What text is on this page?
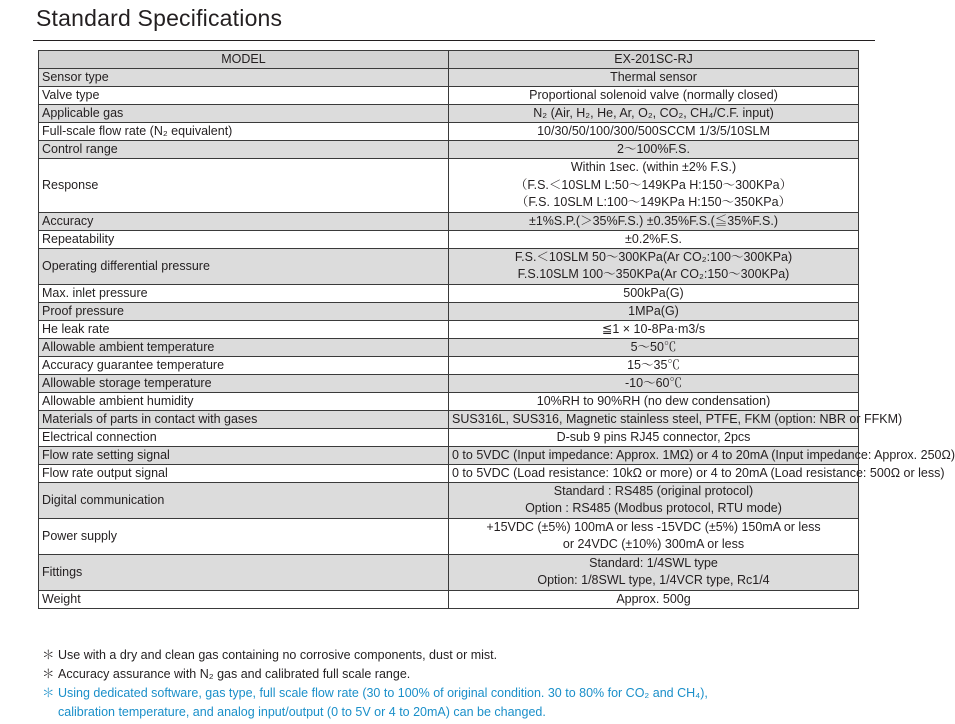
Standard Specifications
MODEL	EX-201SC-RJ
Sensor type	Thermal sensor
Valve type	Proportional solenoid valve (normally closed)
Applicable gas	N₂ (Air, H₂, He, Ar, O₂, CO₂, CH₄/C.F. input)
Full-scale flow rate (N₂ equivalent)	10/30/50/100/300/500SCCM 1/3/5/10SLM
Control range	2～100%F.S.
Response	Within 1sec. (within ±2% F.S.)
（F.S.＜10SLM L:50～149KPa H:150～300KPa）
（F.S. 10SLM L:100～149KPa H:150～350KPa）

Accuracy	±1%S.P.(＞35%F.S.) ±0.35%F.S.(≦35%F.S.)
Repeatability	±0.2%F.S.
Operating differential pressure	F.S.＜10SLM 50～300KPa(Ar CO₂:100～300KPa)
F.S.10SLM 100～350KPa(Ar CO₂:150～300KPa)

Max. inlet pressure	500kPa(G)
Proof pressure	1MPa(G)
He leak rate	≦1 × 10-8Pa·m3/s
Allowable ambient temperature	5～50℃
Accuracy guarantee temperature	15～35℃
Allowable storage temperature	-10～60℃
Allowable ambient humidity	10%RH to 90%RH (no dew condensation)
Materials of parts in contact with gases	SUS316L, SUS316, Magnetic stainless steel, PTFE, FKM (option: NBR or FFKM)
Electrical connection	D-sub 9 pins RJ45 connector, 2pcs
Flow rate setting signal	0 to 5VDC (Input impedance: Approx. 1MΩ) or 4 to 20mA (Input impedance: Approx. 250Ω)
Flow rate output signal	0 to 5VDC (Load resistance: 10kΩ or more) or 4 to 20mA (Load resistance: 500Ω or less)
Digital communication	Standard : RS485 (original protocol)
Option : RS485 (Modbus protocol, RTU mode)

Power supply	+15VDC (±5%) 100mA or less -15VDC (±5%) 150mA or less
or 24VDC (±10%) 300mA or less

Fittings	Standard: 1/4SWL type
Option: 1/8SWL type, 1/4VCR type, Rc1/4

Weight	Approx. 500g
＊ Use with a dry and clean gas containing no corrosive components, dust or mist.
＊ Accuracy assurance with N₂ gas and calibrated full scale range.
＊ Using dedicated software, gas type, full scale flow rate (30 to 100% of original condition. 30 to 80% for CO₂ and CH₄),
calibration temperature, and analog input/output (0 to 5V or 4 to 20mA) can be changed.
